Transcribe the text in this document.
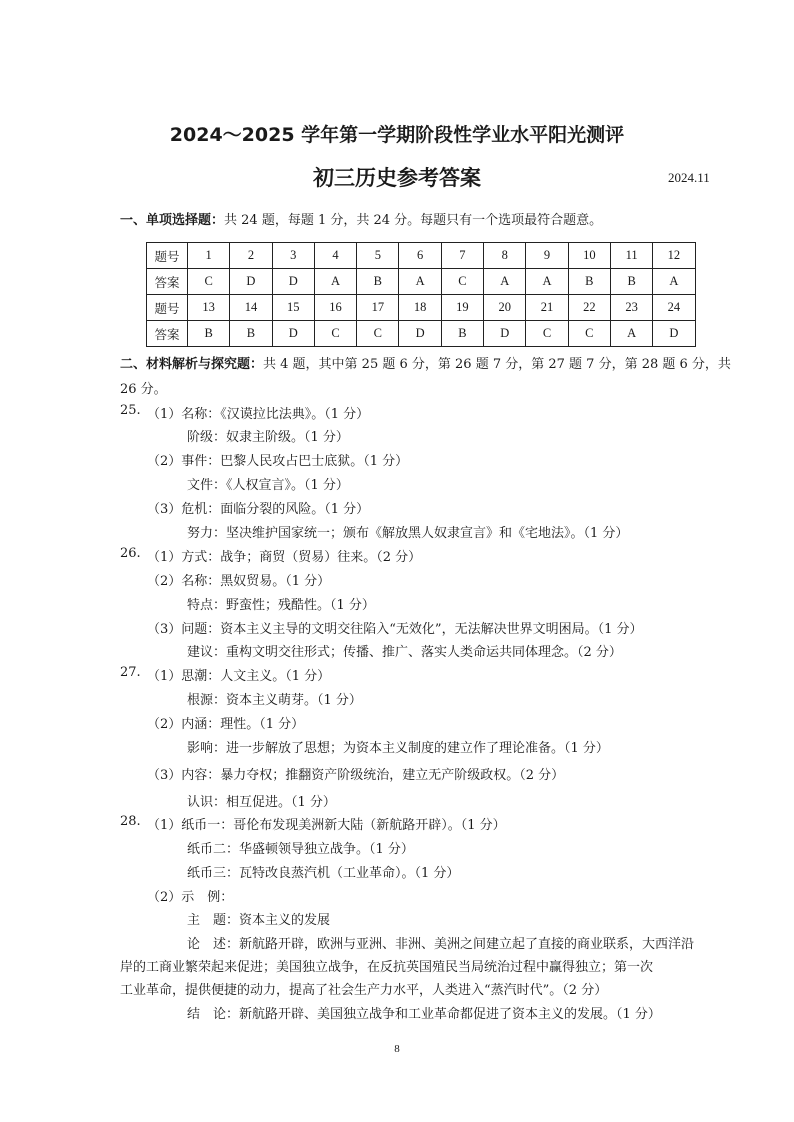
2024～2025 学年第一学期阶段性学业水平阳光测评
初三历史参考答案	2024.11
一、单项选择题：共 24 题，每题 1 分，共 24 分。每题只有一个选项最符合题意。
题号	1	2	3	4	5	6	7	8	9	10	11	12
答案	C	D	D	A	B	A	C	A	A	B	B	A
题号	13	14	15	16	17	18	19	20	21	22	23	24
答案	B	B	D	C	C	D	B	D	C	C	A	D
二、材料解析与探究题：共 4 题，其中第 25 题 6 分，第 26 题 7 分，第 27 题 7 分，第 28 题 6 分，共
26 分。
25. （1）名称：《汉谟拉比法典》。（1 分）
阶级：奴隶主阶级。（1 分）
（2）事件：巴黎人民攻占巴士底狱。（1 分）
文件：《人权宣言》。（1 分）
（3）危机：面临分裂的风险。（1 分）
努力：坚决维护国家统一；颁布《解放黑人奴隶宣言》和《宅地法》。（1 分）
26. （1）方式：战争；商贸（贸易）往来。（2 分）
（2）名称：黑奴贸易。（1 分）
特点：野蛮性；残酷性。（1 分）
（3）问题：资本主义主导的文明交往陷入“无效化”，无法解决世界文明困局。（1 分）
建议：重构文明交往形式；传播、推广、落实人类命运共同体理念。（2 分）
27. （1）思潮：人文主义。（1 分）
根源：资本主义萌芽。（1 分）
（2）内涵：理性。（1 分）
影响：进一步解放了思想；为资本主义制度的建立作了理论准备。（1 分）
（3）内容：暴力夺权；推翻资产阶级统治，建立无产阶级政权。（2 分）
认识：相互促进。（1 分）
28. （1）纸币一：哥伦布发现美洲新大陆（新航路开辟）。（1 分）
纸币二：华盛顿领导独立战争。（1 分）
纸币三：瓦特改良蒸汽机（工业革命）。（1 分）
（2）示　例：
主　题：资本主义的发展
论　述：新航路开辟，欧洲与亚洲、非洲、美洲之间建立起了直接的商业联系，大西洋沿
岸的工商业繁荣起来促进；美国独立战争，在反抗英国殖民当局统治过程中赢得独立；第一次
工业革命，提供便捷的动力，提高了社会生产力水平，人类进入“蒸汽时代”。（2 分）
结　论：新航路开辟、美国独立战争和工业革命都促进了资本主义的发展。（1 分）
8
